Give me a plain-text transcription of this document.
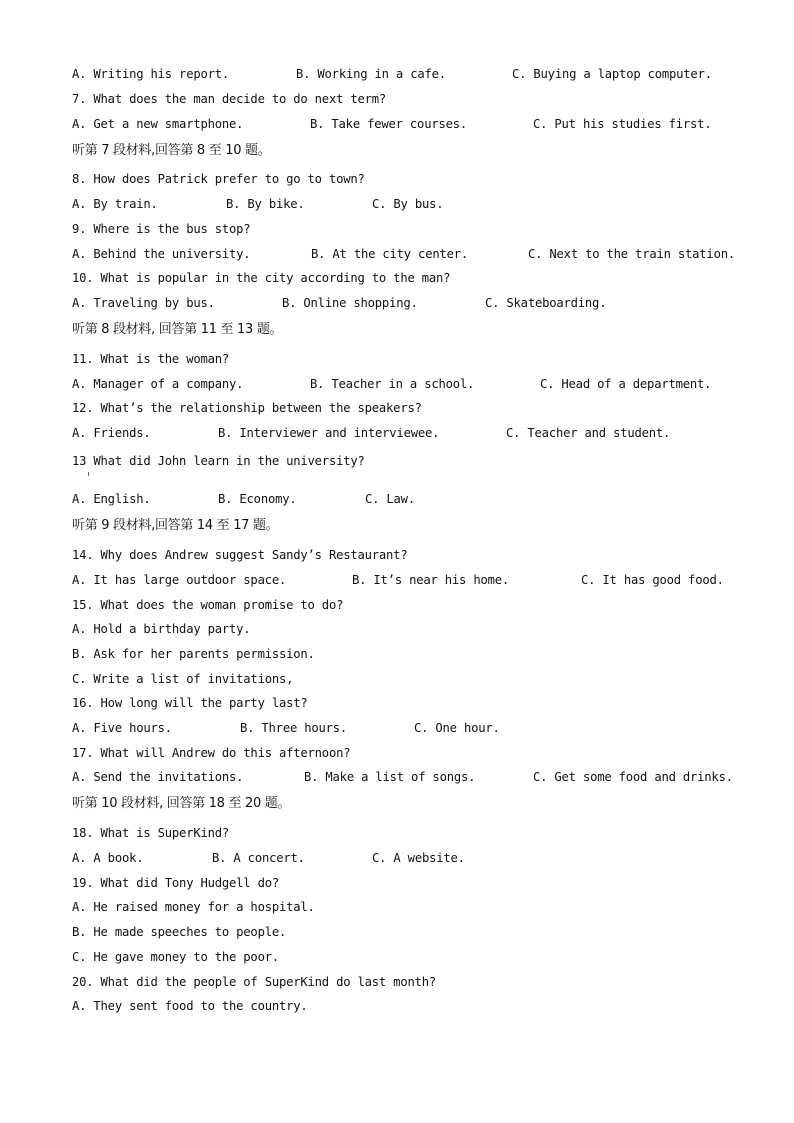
A. Writing his report.	B. Working in a cafe.	C. Buying a laptop computer.
7. What does the man decide to do next term?
A. Get a new smartphone.	B. Take fewer courses.	C. Put his studies first.
听第 7 段材料,回答第 8 至 10 题。
8. How does Patrick prefer to go to town?
A. By train.	B. By bike.	C. By bus.
9. Where is the bus stop?
A. Behind the university.	B. At the city center.	C. Next to the train station.
10. What is popular in the city according to the man?
A. Traveling by bus.	B. Online shopping.	C. Skateboarding.
听第 8 段材料, 回答第 11 至 13 题。
11. What is the woman?
A. Manager of a company.	B. Teacher in a school.	C. Head of a department.
12. What’s the relationship between the speakers?
A. Friends.	B. Interviewer and interviewee.	C. Teacher and student.
13 What did John learn in the university?
A. English.	B. Economy.	C. Law.
听第 9 段材料,回答第 14 至 17 题。
14. Why does Andrew suggest Sandy’s Restaurant?
A. It has large outdoor space.	B. It’s near his home.	C. It has good food.
15. What does the woman promise to do?
A. Hold a birthday party.
B. Ask for her parents permission.
C. Write a list of invitations,
16. How long will the party last?
A. Five hours.	B. Three hours.	C. One hour.
17. What will Andrew do this afternoon?
A. Send the invitations.	B. Make a list of songs.	C. Get some food and drinks.
听第 10 段材料, 回答第 18 至 20 题。
18. What is SuperKind?
A. A book.	B. A concert.	C. A website.
19. What did Tony Hudgell do?
A. He raised money for a hospital.
B. He made speeches to people.
C. He gave money to the poor.
20. What did the people of SuperKind do last month?
A. They sent food to the country.
